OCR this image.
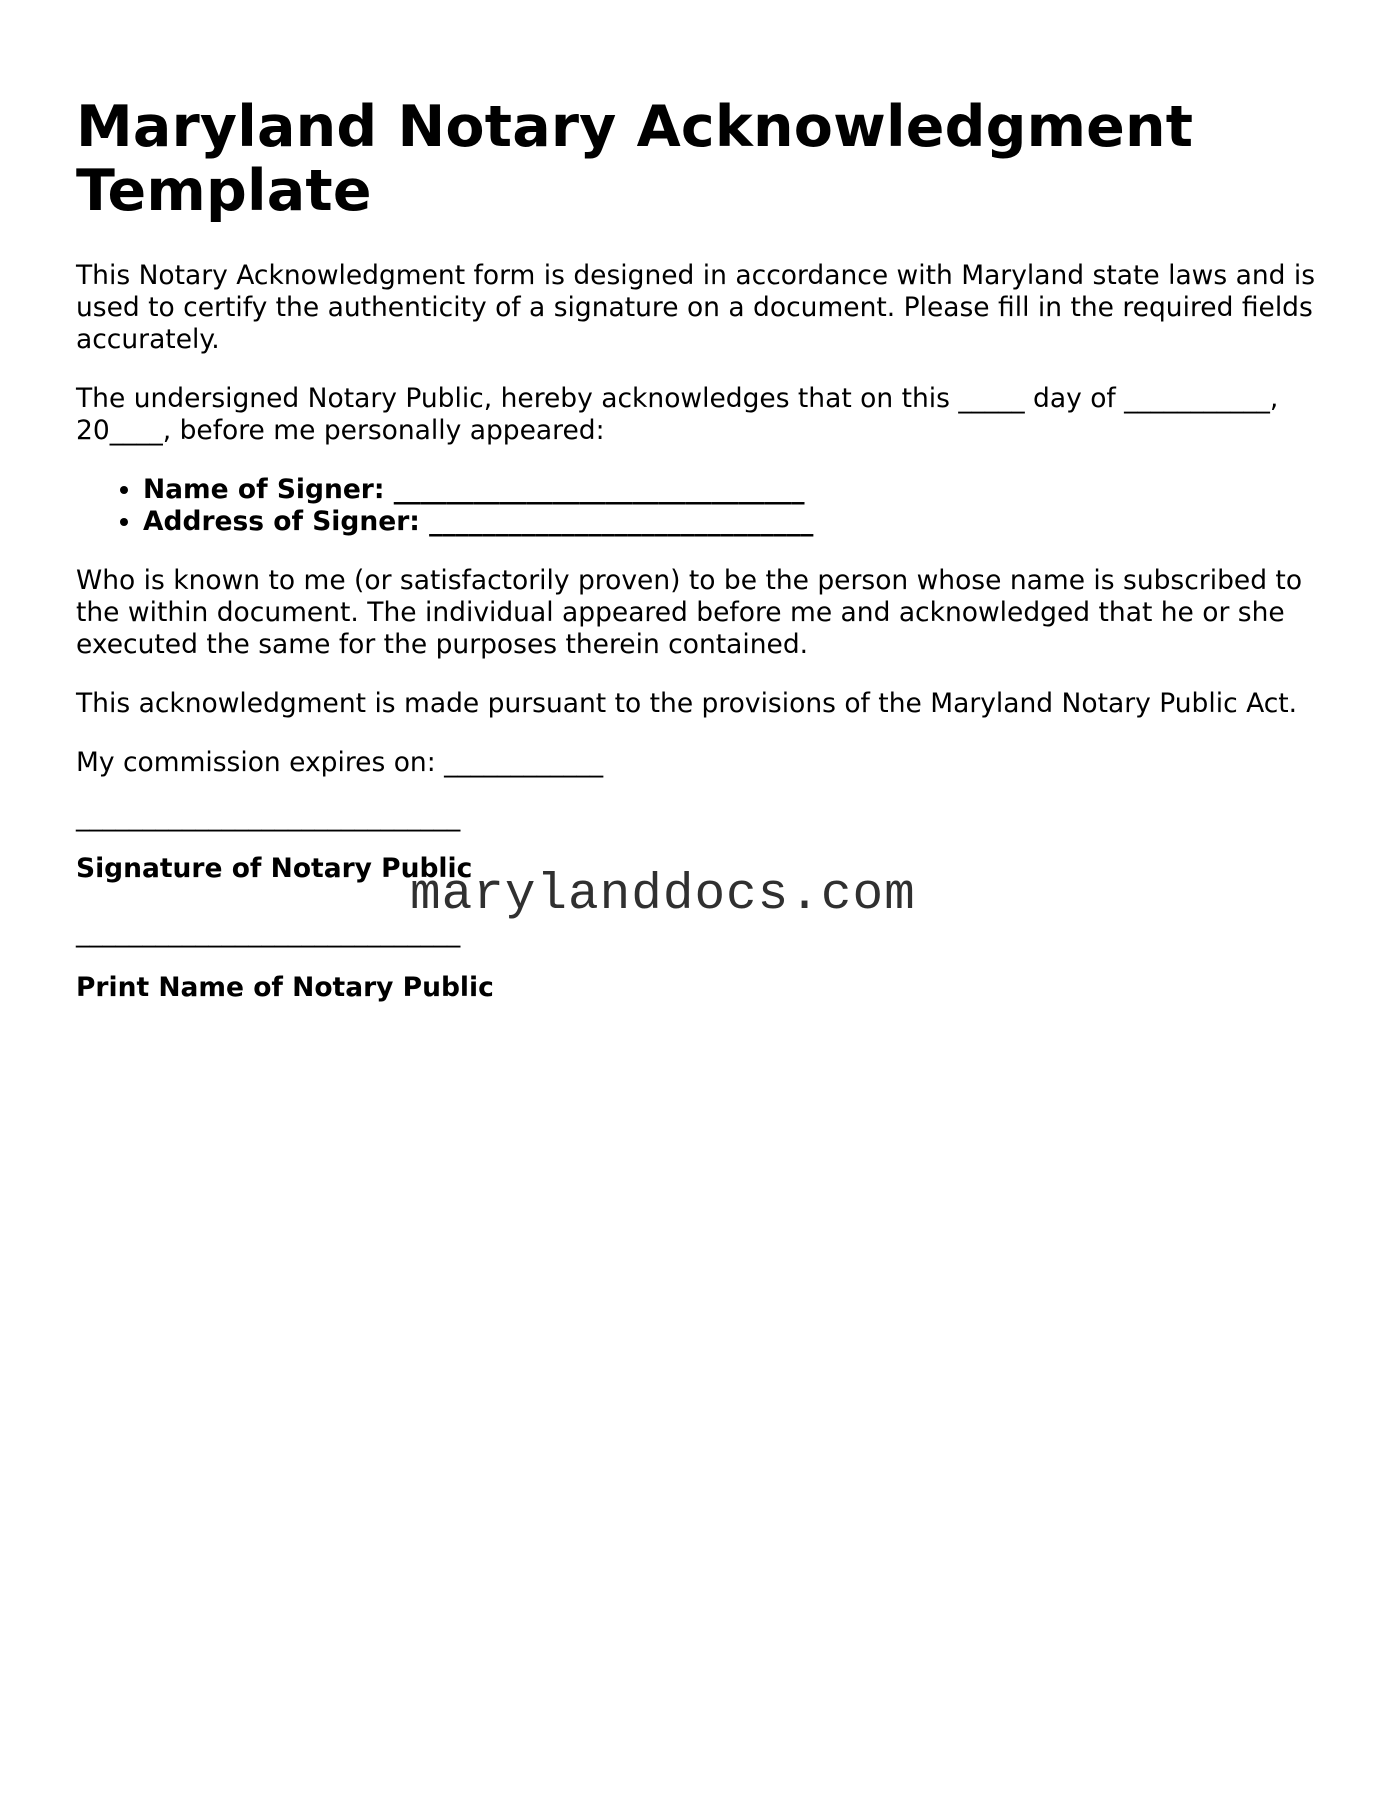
Maryland Notary Acknowledgment Template

This Notary Acknowledgment form is designed in accordance with Maryland state laws and is used to certify the authenticity of a signature on a document. Please fill in the required fields accurately.

The undersigned Notary Public, hereby acknowledges that on this _____ day of ___________, 20____, before me personally appeared:

• Name of Signer: _______________________________
• Address of Signer: _____________________________

Who is known to me (or satisfactorily proven) to be the person whose name is subscribed to the within document. The individual appeared before me and acknowledged that he or she executed the same for the purposes therein contained.

This acknowledgment is made pursuant to the provisions of the Maryland Notary Public Act.

My commission expires on: ____________

_____________________________
Signature of Notary Public
_____________________________
Print Name of Notary Public
marylanddocs.com
